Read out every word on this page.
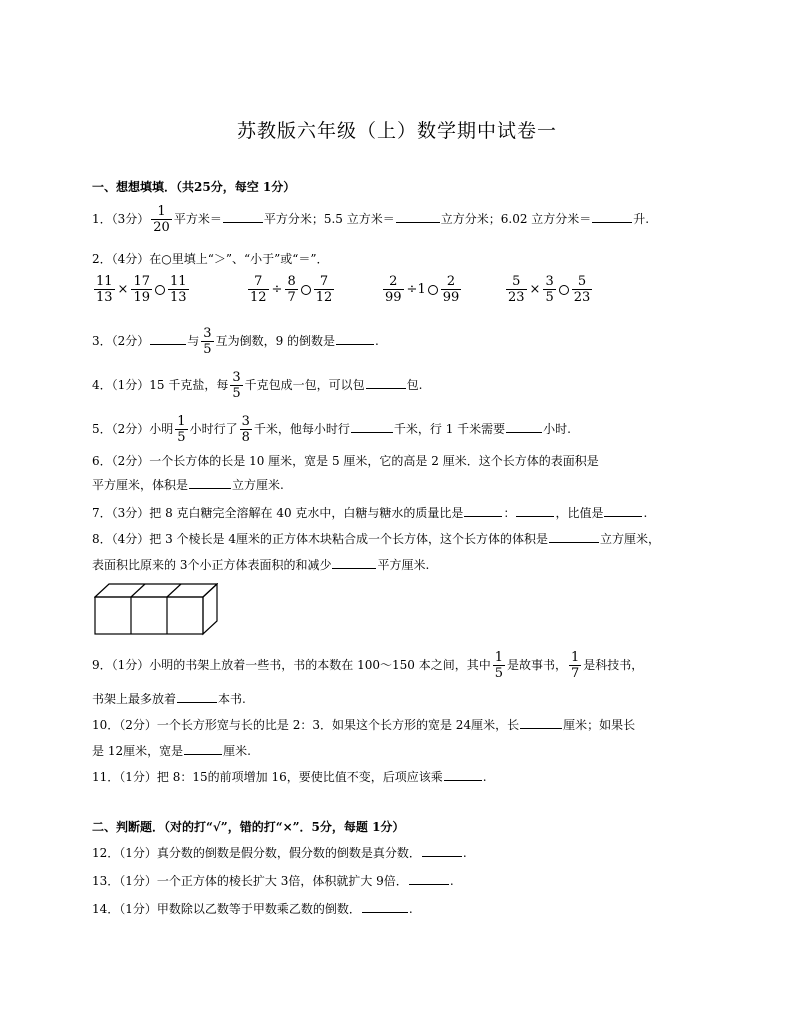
苏教版六年级（上）数学期中试卷一
一、想想填填．（共25分，每空 1分）
1．（3分） $\frac{1}{20}$ 平方米＝	平方分米；5.5 立方米＝	立方分米；6.02 立方分米＝	升.
2．（4分）在○里填上“＞”、“小于”或“＝”．
$\frac{11}{13} \times \frac{17}{19} \frac{11}{13}$	$\frac{7}{12} \div \frac{8}{7} \frac{7}{12}$	$\frac{2}{99} \div 1 \frac{2}{99}$	$\frac{5}{23} \times \frac{3}{5} \frac{5}{23}$
3．（2分）	与 $\frac{3}{5}$ 互为倒数，9 的倒数是	.
4．（1分）15 千克盐，每 $\frac{3}{5}$ 千克包成一包，可以包	包.
5．（2分）小明 $\frac{1}{5}$ 小时行了 $\frac{3}{8}$ 千米，他每小时行	千米，行 1 千米需要	小时.
6．（2分）一个长方体的长是 10 厘米，宽是 5 厘米，它的高是 2 厘米．这个长方体的表面积是
平方厘米，体积是	立方厘米.
7．（3分）把 8 克白糖完全溶解在 40 克水中，白糖与糖水的质量比是	：	，比值是	.
8．（4分）把 3 个棱长是 4厘米的正方体木块粘合成一个长方体，这个长方体的体积是	立方厘米，
表面积比原来的 3个小正方体表面积的和减少	平方厘米.
9．（1分）小明的书架上放着一些书，书的本数在 100～150 本之间，其中 $\frac{1}{5}$ 是故事书， $\frac{1}{7}$ 是科技书，
书架上最多放着	本书.
10．（2分）一个长方形宽与长的比是 2：3．如果这个长方形的宽是 24厘米，长	厘米；如果长
是 12厘米，宽是	厘米.
11．（1分）把 8：15的前项增加 16，要使比值不变，后项应该乘	.
二、判断题．（对的打“√”，错的打“×”．5分，每题 1分）
12．（1分）真分数的倒数是假分数，假分数的倒数是真分数．	.
13．（1分）一个正方体的棱长扩大 3倍，体积就扩大 9倍．	.
14．（1分）甲数除以乙数等于甲数乘乙数的倒数．	.
